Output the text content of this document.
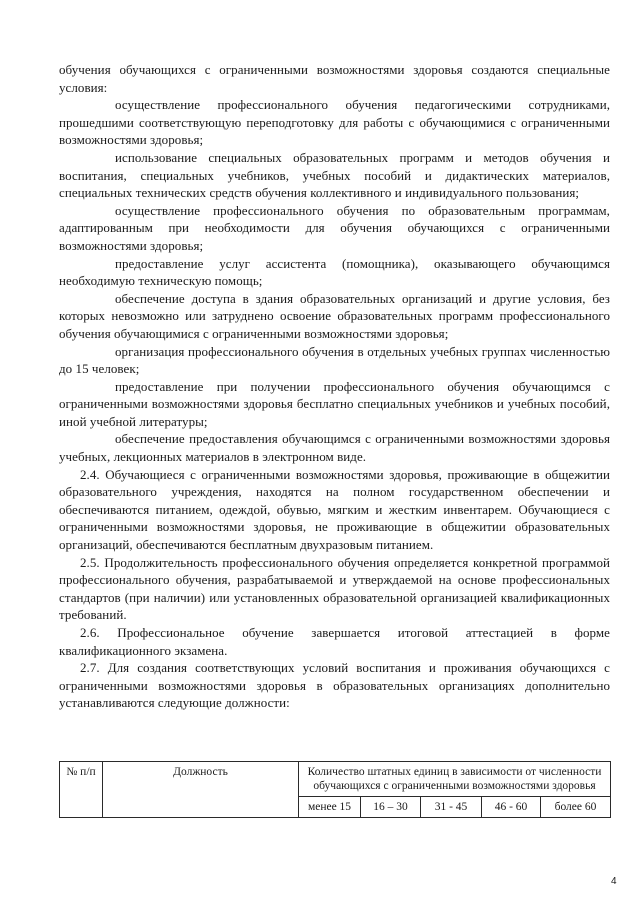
обучения обучающихся с ограниченными возможностями здоровья создаются специальные условия:

осуществление профессионального обучения педагогическими сотрудниками, прошедшими соответствующую переподготовку для работы с обучающимися с ограниченными возможностями здоровья;

использование специальных образовательных программ и методов обучения и воспитания, специальных учебников, учебных пособий и дидактических материалов, специальных технических средств обучения коллективного и индивидуального пользования;

осуществление профессионального обучения по образовательным программам, адаптированным при необходимости для обучения обучающихся с ограниченными возможностями здоровья;

предоставление услуг ассистента (помощника), оказывающего обучающимся необходимую техническую помощь;

обеспечение доступа в здания образовательных организаций и другие условия, без которых невозможно или затруднено освоение образовательных программ профессионального обучения обучающимися с ограниченными возможностями здоровья;

организация профессионального обучения в отдельных учебных группах численностью до 15 человек;

предоставление при получении профессионального обучения обучающимся с ограниченными возможностями здоровья бесплатно специальных учебников и учебных пособий, иной учебной литературы;

обеспечение предоставления обучающимся с ограниченными возможностями здоровья учебных, лекционных материалов в электронном виде.

2.4. Обучающиеся с ограниченными возможностями здоровья, проживающие в общежитии образовательного учреждения, находятся на полном государственном обеспечении и обеспечиваются питанием, одеждой, обувью, мягким и жестким инвентарем. Обучающиеся с ограниченными возможностями здоровья, не проживающие в общежитии образовательных организаций, обеспечиваются бесплатным двухразовым питанием.

2.5. Продолжительность профессионального обучения определяется конкретной программой профессионального обучения, разрабатываемой и утверждаемой на основе профессиональных стандартов (при наличии) или установленных образовательной организацией квалификационных требований.

2.6. Профессиональное обучение завершается итоговой аттестацией в форме квалификационного экзамена.

2.7. Для создания соответствующих условий воспитания и проживания обучающихся с ограниченными возможностями здоровья в образовательных организациях дополнительно устанавливаются следующие должности:

№ п/п	Должность	Количество штатных единиц в зависимости от численности обучающихся с ограниченными возможностями здоровья				
		менее 15	16 – 30	31 - 45	46 - 60	более 60
4
